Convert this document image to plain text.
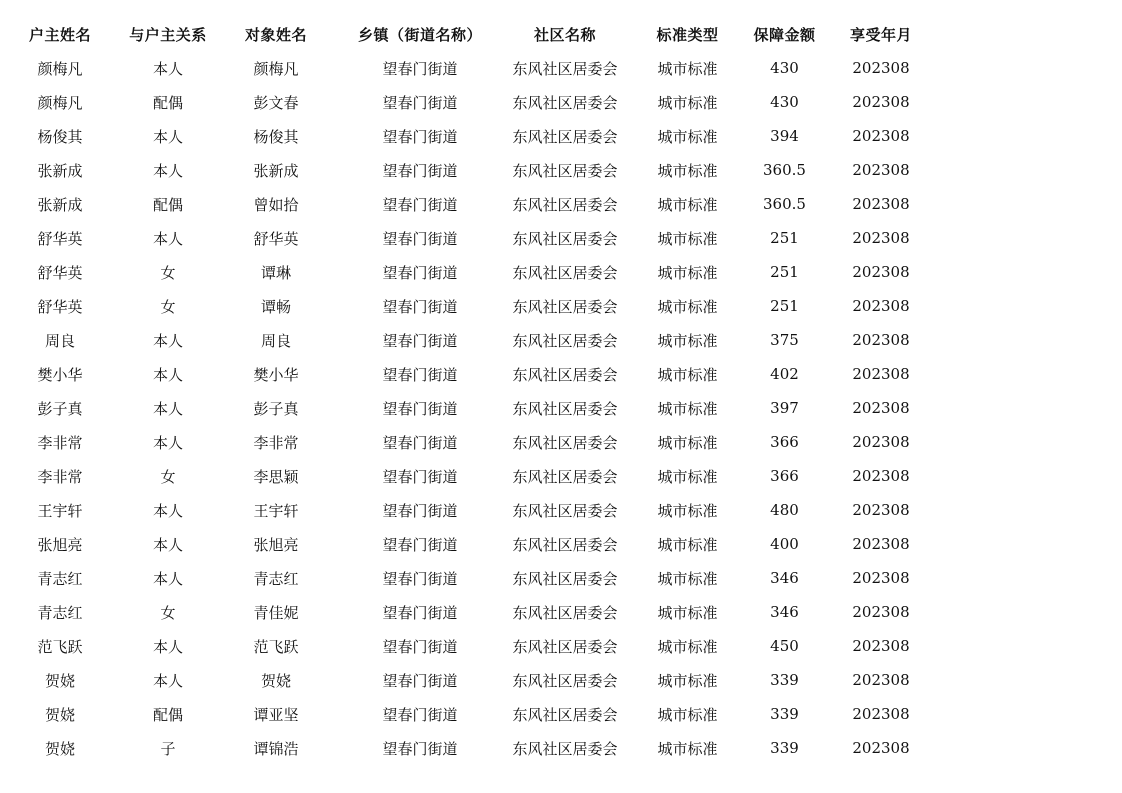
户主姓名	与户主关系	对象姓名	乡镇（街道名称）	社区名称	标准类型	保障金额	享受年月	
颜梅凡	本人	颜梅凡	望春门街道	东风社区居委会	城市标准	430	202308	
颜梅凡	配偶	彭文春	望春门街道	东风社区居委会	城市标准	430	202308	
杨俊其	本人	杨俊其	望春门街道	东风社区居委会	城市标准	394	202308	
张新成	本人	张新成	望春门街道	东风社区居委会	城市标准	360.5	202308	
张新成	配偶	曾如拾	望春门街道	东风社区居委会	城市标准	360.5	202308	
舒华英	本人	舒华英	望春门街道	东风社区居委会	城市标准	251	202308	
舒华英	女	谭琳	望春门街道	东风社区居委会	城市标准	251	202308	
舒华英	女	谭畅	望春门街道	东风社区居委会	城市标准	251	202308	
周良	本人	周良	望春门街道	东风社区居委会	城市标准	375	202308	
樊小华	本人	樊小华	望春门街道	东风社区居委会	城市标准	402	202308	
彭子真	本人	彭子真	望春门街道	东风社区居委会	城市标准	397	202308	
李非常	本人	李非常	望春门街道	东风社区居委会	城市标准	366	202308	
李非常	女	李思颖	望春门街道	东风社区居委会	城市标准	366	202308	
王宇轩	本人	王宇轩	望春门街道	东风社区居委会	城市标准	480	202308	
张旭亮	本人	张旭亮	望春门街道	东风社区居委会	城市标准	400	202308	
青志红	本人	青志红	望春门街道	东风社区居委会	城市标准	346	202308	
青志红	女	青佳妮	望春门街道	东风社区居委会	城市标准	346	202308	
范飞跃	本人	范飞跃	望春门街道	东风社区居委会	城市标准	450	202308	
贺娆	本人	贺娆	望春门街道	东风社区居委会	城市标准	339	202308	
贺娆	配偶	谭亚坚	望春门街道	东风社区居委会	城市标准	339	202308	
贺娆	子	谭锦浩	望春门街道	东风社区居委会	城市标准	339	202308	
